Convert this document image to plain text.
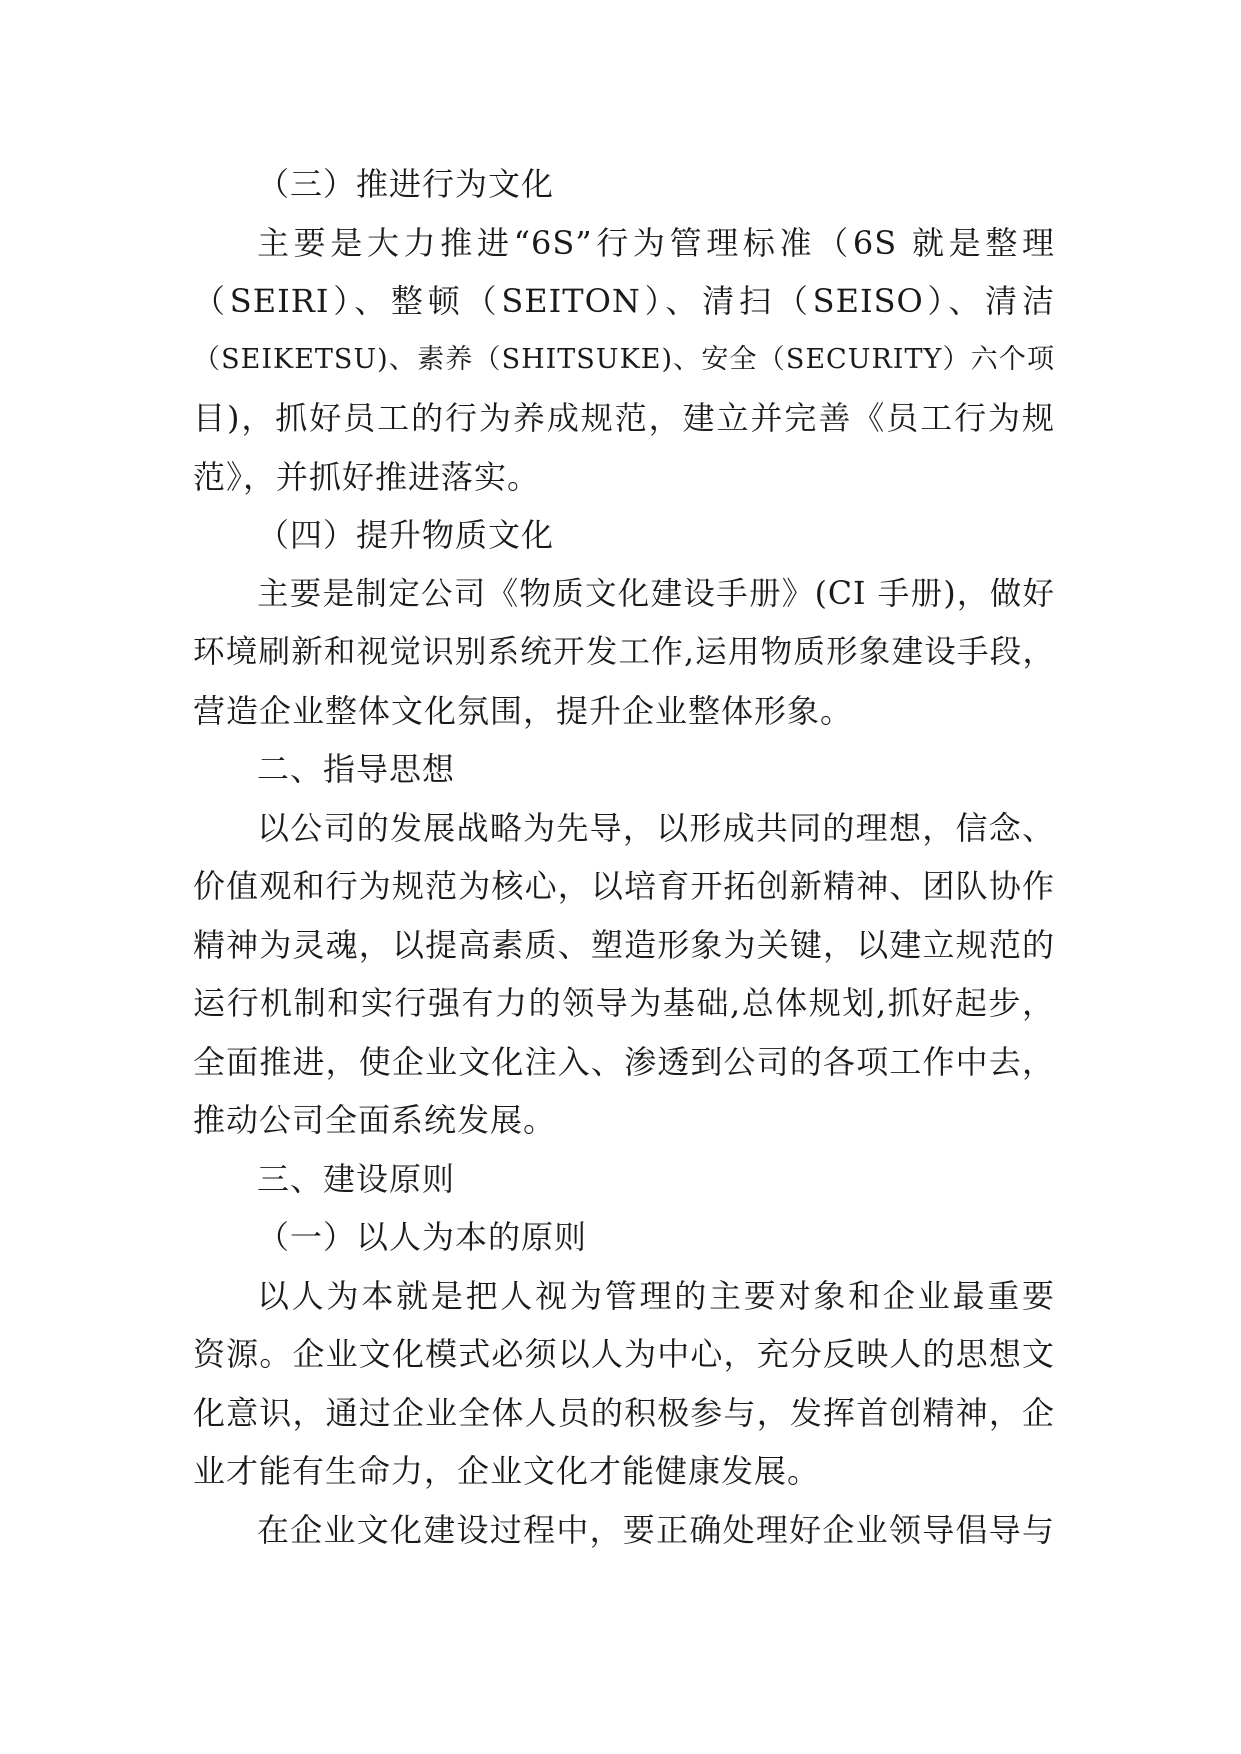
（三）推进行为文化
主要是大力推进“6S”行为管理标准（6S 就是整理
（SEIRI）、整顿（SEITON）、清扫（SEISO）、清洁
（SEIKETSU)、素养（SHITSUKE)、安全（SECURITY）六个项
目)，抓好员工的行为养成规范，建立并完善《员工行为规
范》，并抓好推进落实。
（四）提升物质文化
主要是制定公司《物质文化建设手册》(CI 手册)，做好
环境刷新和视觉识别系统开发工作,运用物质形象建设手段，
营造企业整体文化氛围，提升企业整体形象。
二、指导思想
以公司的发展战略为先导，以形成共同的理想，信念、
价值观和行为规范为核心，以培育开拓创新精神、团队协作
精神为灵魂，以提高素质、塑造形象为关键，以建立规范的
运行机制和实行强有力的领导为基础,总体规划,抓好起步，
全面推进，使企业文化注入、渗透到公司的各项工作中去，
推动公司全面系统发展。
三、建设原则
（一）以人为本的原则
以人为本就是把人视为管理的主要对象和企业最重要
资源。企业文化模式必须以人为中心，充分反映人的思想文
化意识，通过企业全体人员的积极参与，发挥首创精神，企
业才能有生命力，企业文化才能健康发展。
在企业文化建设过程中，要正确处理好企业领导倡导与
